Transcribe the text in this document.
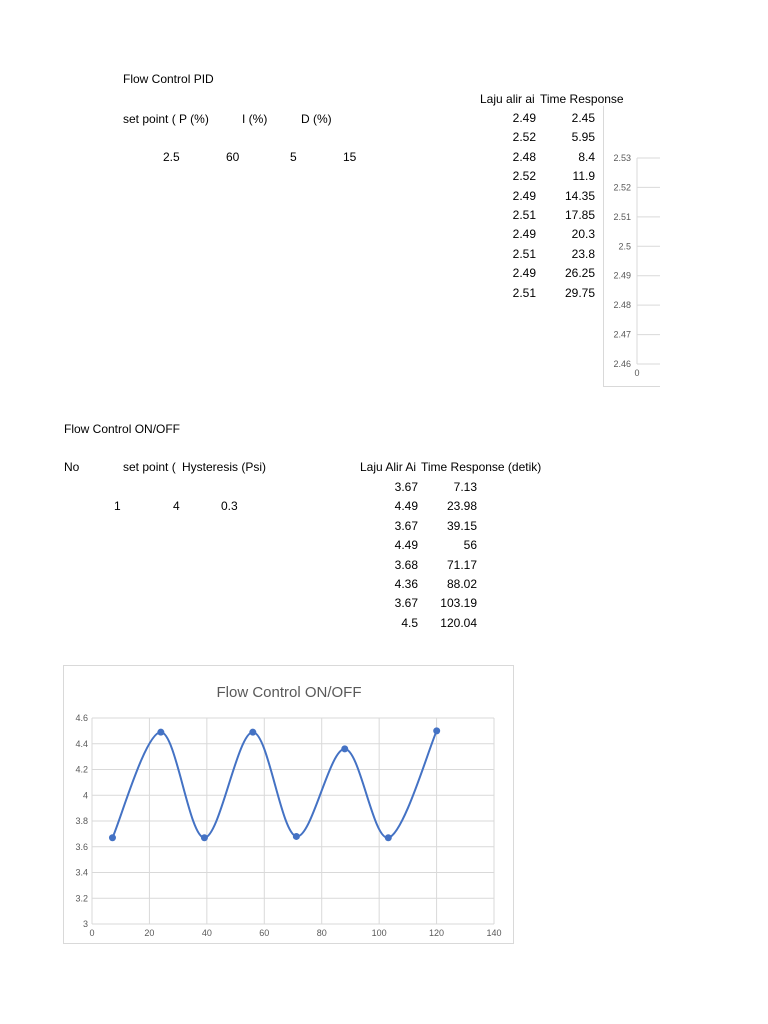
Flow Control PID
set point ( P (%)	I (%)	D (%)
2.5	60	5	15
Laju alir ai Time Response
2.49	2.45
2.52	5.95
2.48	8.4
2.52	11.9
2.49	14.35
2.51	17.85
2.49	20.3
2.51	23.8
2.49	26.25
2.51	29.75
2.53
2.52
2.51
2.5
2.49
2.48
2.47
2.46
0
Flow Control ON/OFF
No	set point ( Hysteresis (Psi)
1	4	0.3
Laju Alir Ai Time Response (detik)
3.67	7.13
4.49	23.98
3.67	39.15
4.49	56
3.68	71.17
4.36	88.02
3.67	103.19
4.5	120.04
Flow Control ON/OFF
3
3.2
3.4
3.6
3.8
4
4.2
4.4
4.6
0	20	40	60	80	100	120	140
